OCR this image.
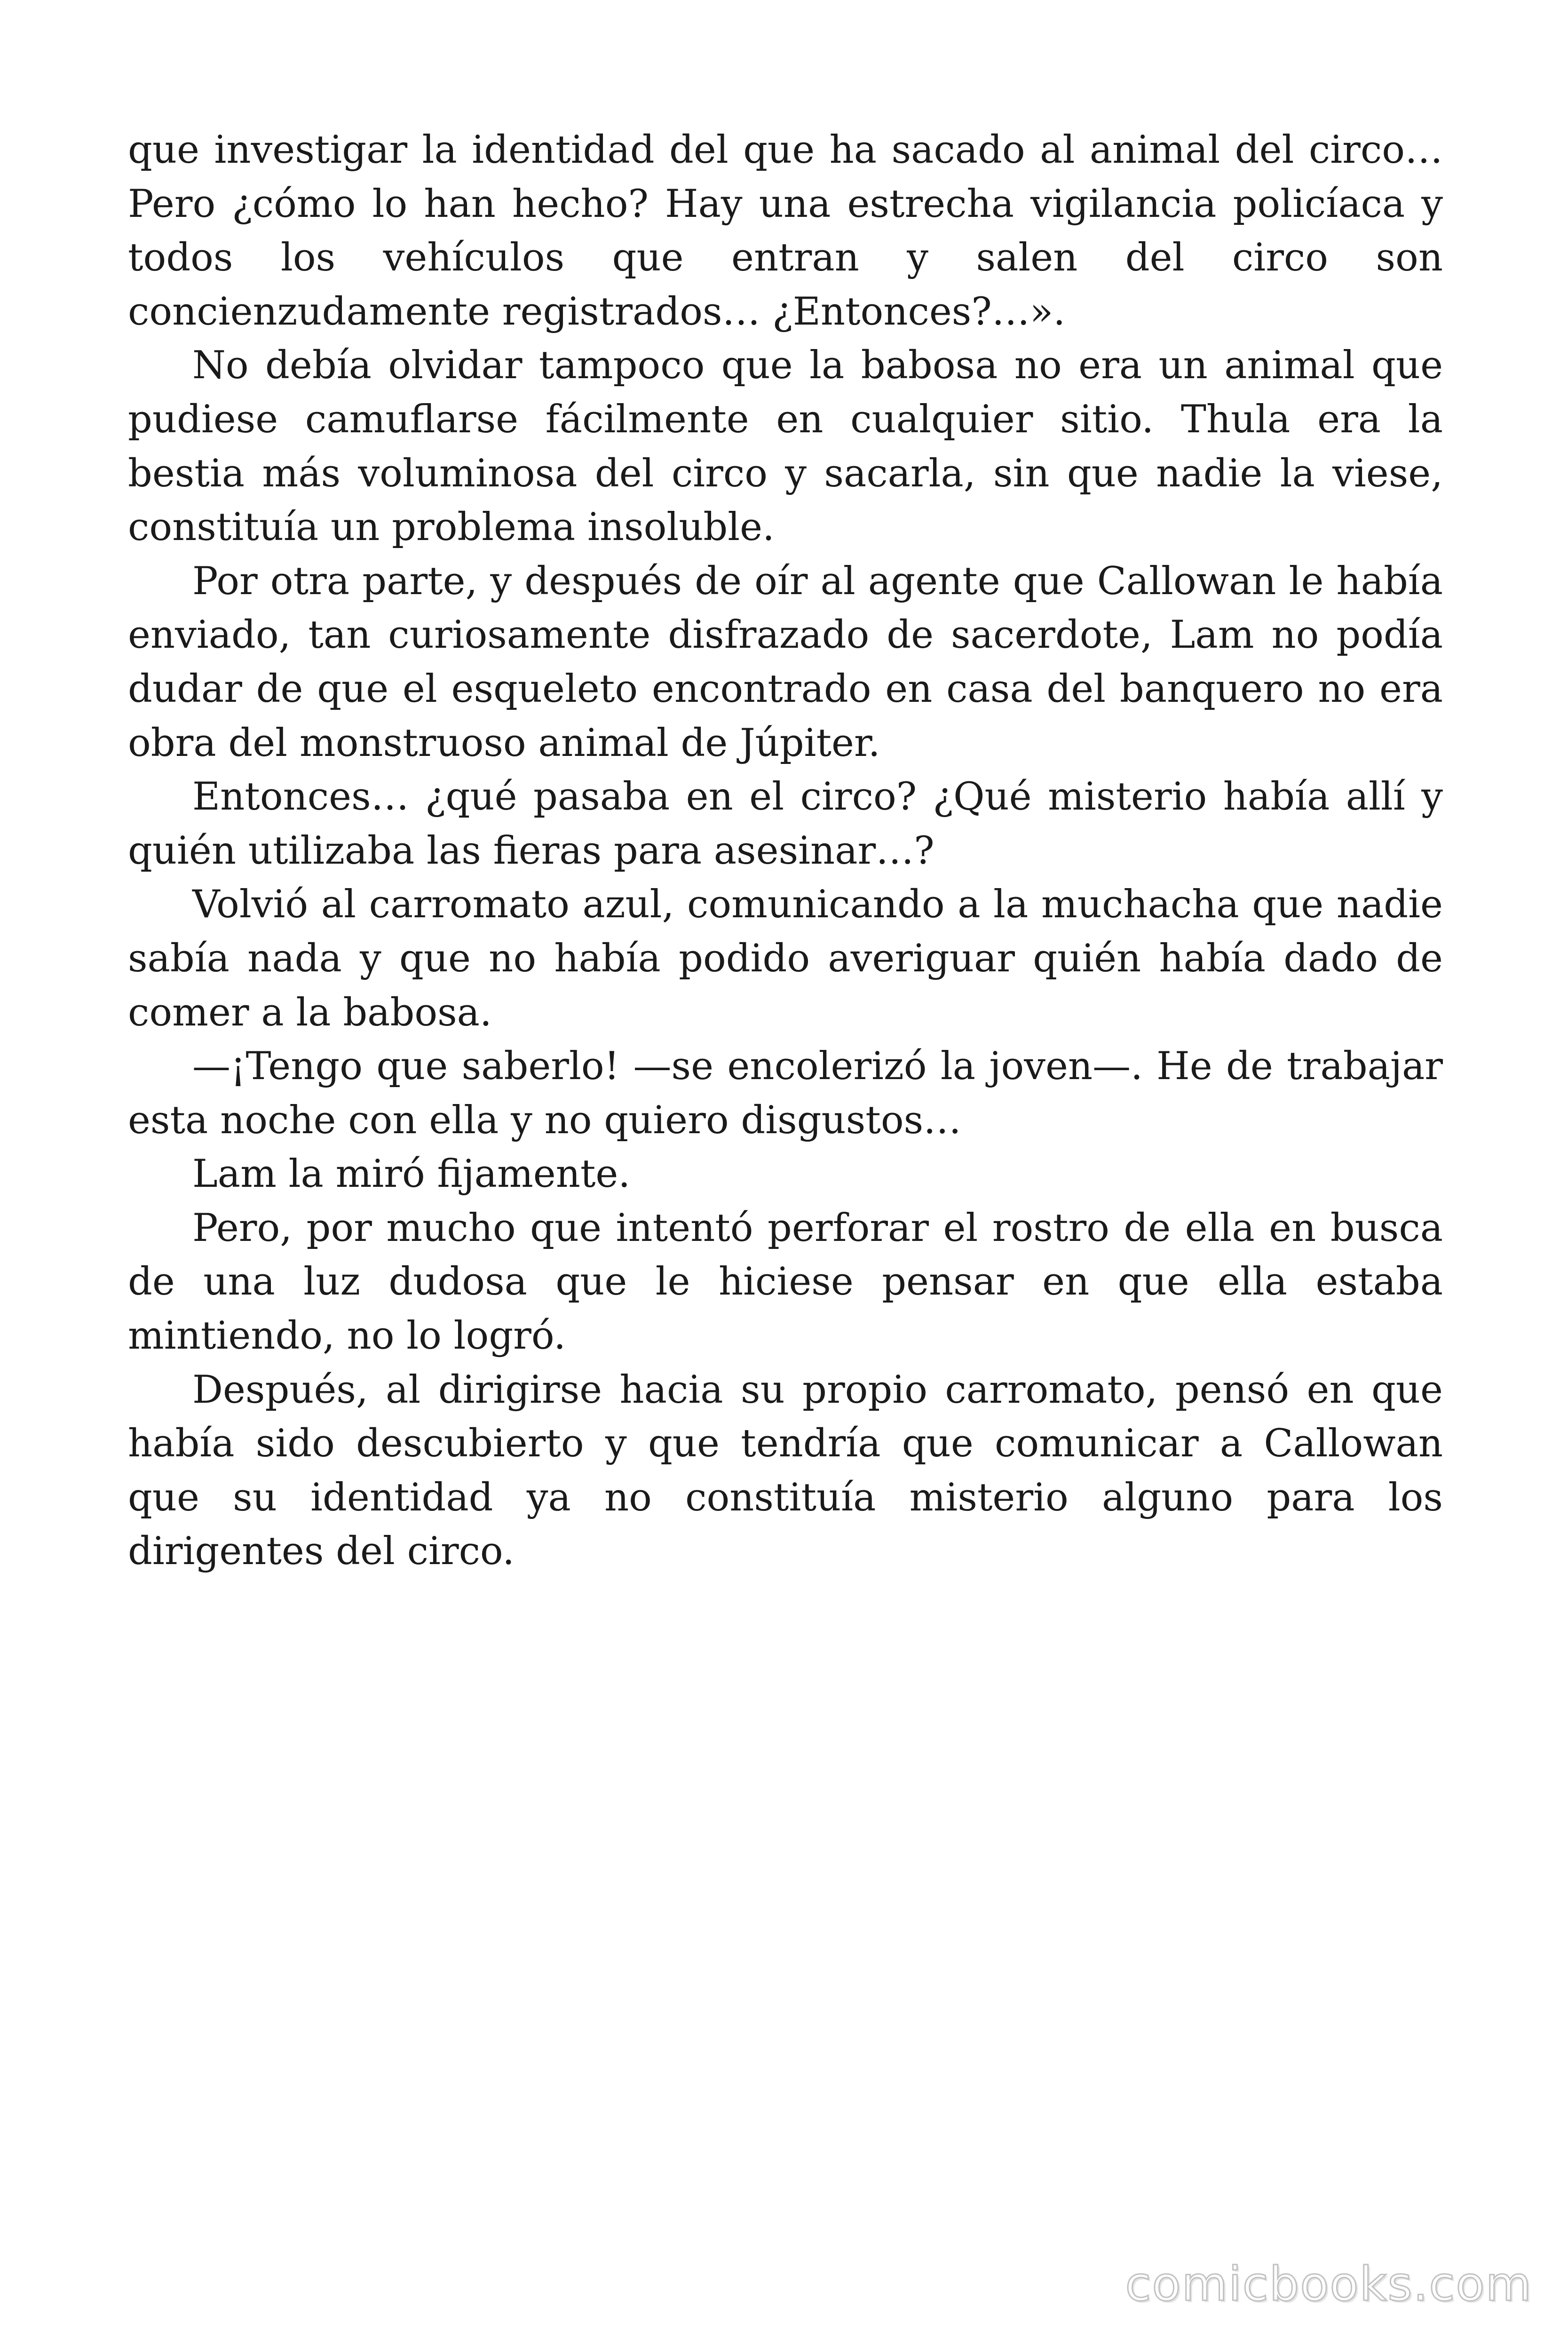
que investigar la identidad del que ha sacado al animal del circo… Pero ¿cómo lo han hecho? Hay una estrecha vigilancia policíaca y todos los vehículos que entran y salen del circo son concienzudamente registrados… ¿Entonces?…».

No debía olvidar tampoco que la babosa no era un animal que pudiese camuflarse fácilmente en cualquier sitio. Thula era la bestia más voluminosa del circo y sacarla, sin que nadie la viese, constituía un problema insoluble.

Por otra parte, y después de oír al agente que Callowan le había enviado, tan curiosamente disfrazado de sacerdote, Lam no podía dudar de que el esqueleto encontrado en casa del banquero no era obra del monstruoso animal de Júpiter.

Entonces… ¿qué pasaba en el circo? ¿Qué misterio había allí y quién utilizaba las fieras para asesinar…?

Volvió al carromato azul, comunicando a la muchacha que nadie sabía nada y que no había podido averiguar quién había dado de comer a la babosa.

—¡Tengo que saberlo! —se encolerizó la joven—. He de trabajar esta noche con ella y no quiero disgustos…

Lam la miró fijamente.

Pero, por mucho que intentó perforar el rostro de ella en busca de una luz dudosa que le hiciese pensar en que ella estaba mintiendo, no lo logró.

Después, al dirigirse hacia su propio carromato, pensó en que había sido descubierto y que tendría que comunicar a Callowan que su identidad ya no constituía misterio alguno para los dirigentes del circo.

comicbooks.com
